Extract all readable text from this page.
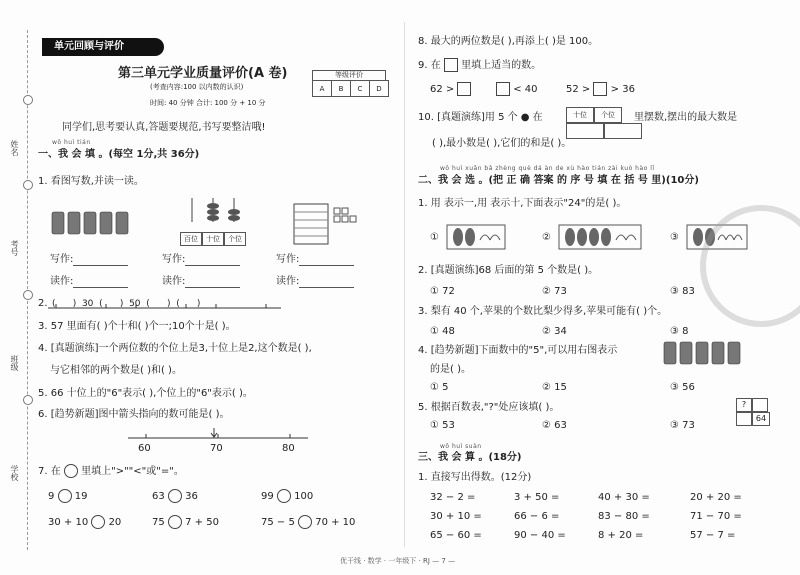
姓名
考号
班级
学校
单元回顾与评价
第三单元学业质量评价(A 卷)
(考查内容:100 以内数的认识)
时间: 40 分钟 合计: 100 分 + 10 分
等级评价
A	B	C	D
同学们,思考要认真,答题要规范,书写要整洁哦!
wǒ huì tián
一、我 会 填 。(每空 1分,共 36分)
1. 看图写数,并读一读。
百位 十位 个位
写作:	写作:	写作:
读作:	读作:	读作:
2. ( ) 30 ( ) 50 ( ) ( )
3. 57 里面有( )个十和( )个一;10个十是( )。
4. [真题演练]一个两位数的个位上是3,十位上是2,这个数是( ),
与它相邻的两个数是( )和( )。
5. 66 十位上的"6"表示( ),个位上的"6"表示( )。
6. [趋势新题]图中箭头指向的数可能是( )。
60	70	80
7. 在 里填上">""<"或"="。
9 19	63 36	99 100
30 + 10 20	75 7 + 50	75 − 5 70 + 10
8. 最大的两位数是( ),再添上( )是 100。
9. 在 里填上适当的数。
62 >	< 40	52 > > 36
10. [真题演练]用 5 个 ● 在	十位 个位	里摆数,摆出的最大数是
( ),最小数是( ),它们的和是( )。
wǒ huì xuǎn bǎ zhèng què dá àn de xù hào tián zài kuò hào lǐ
二、我 会 选 。(把 正 确 答案 的 序 号 填 在 括 号 里)(10分)
1. 用 表示一,用 表示十,下面表示"24"的是( )。
①	②	③
2. [真题演练]68 后面的第 5 个数是( )。
① 72	② 73	③ 83
3. 梨有 40 个,苹果的个数比梨少得多,苹果可能有( )个。
① 48	② 34	③ 8
4. [趋势新题]下面数中的"5",可以用右图表示
的是( )。
① 5	② 15	③ 56
5. 根据百数表,"?"处应该填( )。	?
64
① 53	② 63	③ 73
wǒ huì suàn
三、我 会 算 。(18分)
1. 直接写出得数。(12分)
32 − 2 =	3 + 50 =	40 + 30 =	20 + 20 =
30 + 10 =	66 − 6 =	83 − 80 =	71 − 70 =
65 − 60 =	90 − 40 =	8 + 20 =	57 − 7 =
优干线 · 数学 · 一年级下 · RJ — 7 —
